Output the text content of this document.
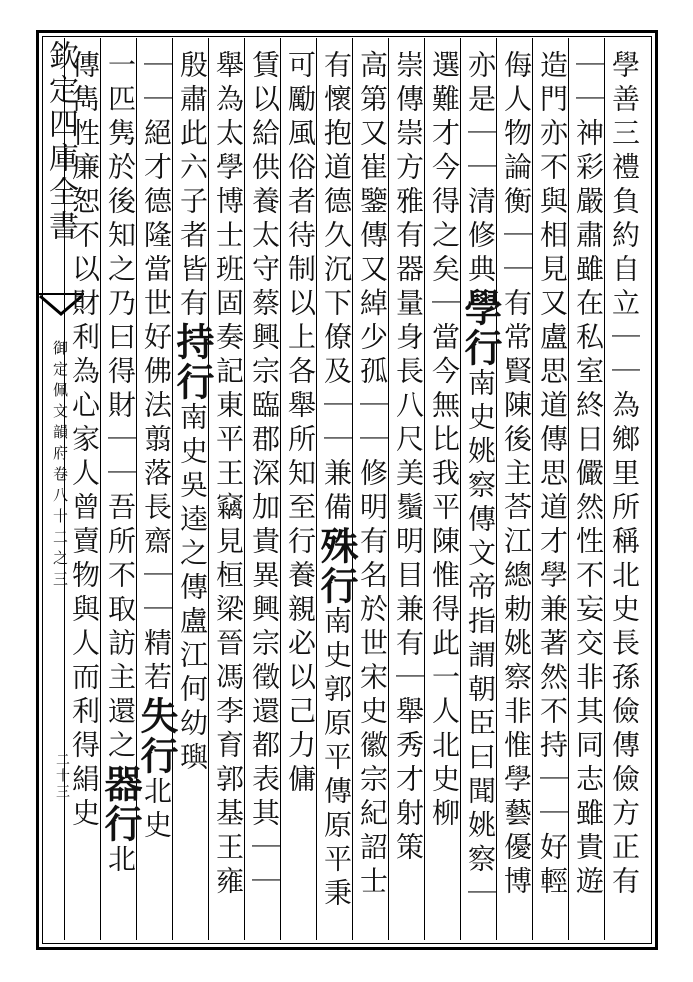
欽定四庫全書
御定佩文韻府卷八十二之三
二十三	學善三禮負約自立｜｜為鄉里所稱北史長孫儉傳儉方正有
｜｜神彩嚴肅雖在私室終日儼然性不妄交非其同志雖貴遊
造門亦不與相見又盧思道傳思道才學兼著然不持｜｜好輕
侮人物論衡｜｜有常賢陳後主荅江總勅姚察非惟學藝優博
亦是｜｜清修典學行南史姚察傳文帝指謂朝臣曰聞姚察｜
選難才今得之矣｜當今無比我平陳惟得此一人北史柳
崇傳崇方雅有器量身長八尺美鬚明目兼有｜舉秀才射策
高第又崔鑒傳又綽少孤｜｜修明有名於世宋史徽宗紀詔士
有懷抱道德久沉下僚及｜｜兼備殊行南史郭原平傳原平秉
可勵風俗者待制以上各舉所知至行養親必以己力傭
賃以給供養太守蔡興宗臨郡深加貴異興宗徵還都表其｜｜
舉為太學博士班固奏記東平王竊見桓梁晉馮李育郭基王雍
殷肅此六子者皆有持行南史吳逵之傳盧江何幼璵
｜｜絕才德隆當世好佛法翦落長齋｜｜精若失行北史
一匹隽於後知之乃曰得財｜｜吾所不取訪主還之器行北
傳雋性廉恕不以財利為心家人曾賣物與人而利得絹史
